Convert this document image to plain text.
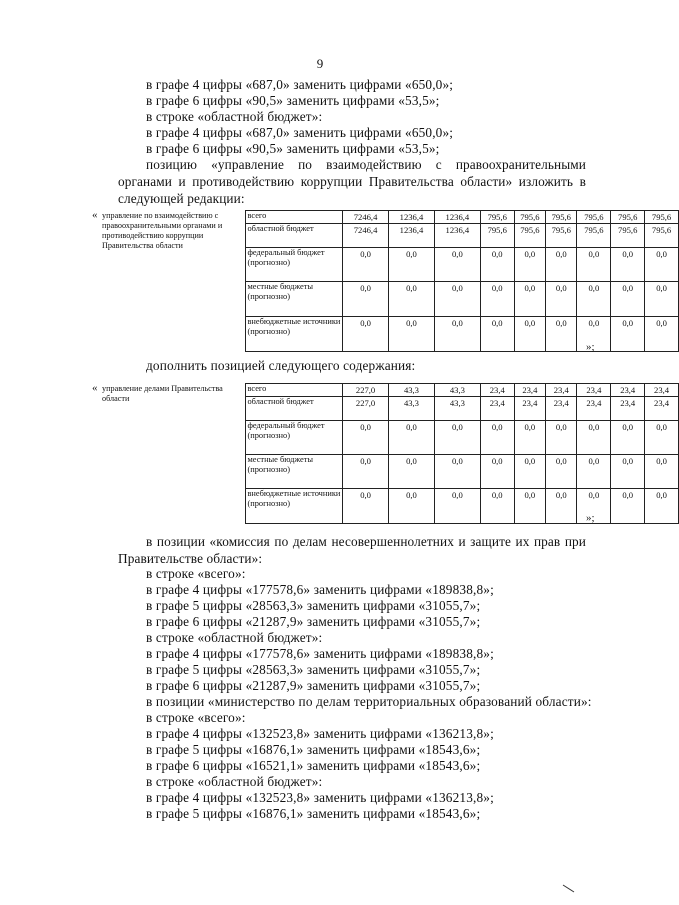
9
в графе 4 цифры «687,0» заменить цифрами «650,0»;
в графе 6 цифры «90,5» заменить цифрами «53,5»;
в строке «областной бюджет»:
в графе 4 цифры «687,0» заменить цифрами «650,0»;
в графе 6 цифры «90,5» заменить цифрами «53,5»;
позицию «управление по взаимодействию с правоохранительными органами и противодействию коррупции Правительства области» изложить в следующей редакции:
« управление по взаимодействию с правоохранительными органами и противодействию коррупции Правительства области	всего	7246,4	1236,4	1236,4	795,6	795,6	795,6	795,6	795,6	795,6
	областной бюджет	7246,4	1236,4	1236,4	795,6	795,6	795,6	795,6	795,6	795,6
	федеральный бюджет (прогнозно)	0,0	0,0	0,0	0,0	0,0	0,0	0,0	0,0	0,0
	местные бюджеты (прогнозно)	0,0	0,0	0,0	0,0	0,0	0,0	0,0	0,0	0,0
	внебюджетные источники (прогнозно)	0,0	0,0	0,0	0,0	0,0	0,0	0,0	0,0	0,0
»;
дополнить позицией следующего содержания:
« управление делами Правительства области	всего	227,0	43,3	43,3	23,4	23,4	23,4	23,4	23,4	23,4
	областной бюджет	227,0	43,3	43,3	23,4	23,4	23,4	23,4	23,4	23,4
	федеральный бюджет (прогнозно)	0,0	0,0	0,0	0,0	0,0	0,0	0,0	0,0	0,0
	местные бюджеты (прогнозно)	0,0	0,0	0,0	0,0	0,0	0,0	0,0	0,0	0,0
	внебюджетные источники (прогнозно)	0,0	0,0	0,0	0,0	0,0	0,0	0,0	0,0	0,0
»;
в позиции «комиссия по делам несовершеннолетних и защите их прав при Правительстве области»:
в строке «всего»:
в графе 4 цифры «177578,6» заменить цифрами «189838,8»;
в графе 5 цифры «28563,3» заменить цифрами «31055,7»;
в графе 6 цифры «21287,9» заменить цифрами «31055,7»;
в строке «областной бюджет»:
в графе 4 цифры «177578,6» заменить цифрами «189838,8»;
в графе 5 цифры «28563,3» заменить цифрами «31055,7»;
в графе 6 цифры «21287,9» заменить цифрами «31055,7»;
в позиции «министерство по делам территориальных образований области»:
в строке «всего»:
в графе 4 цифры «132523,8» заменить цифрами «136213,8»;
в графе 5 цифры «16876,1» заменить цифрами «18543,6»;
в графе 6 цифры «16521,1» заменить цифрами «18543,6»;
в строке «областной бюджет»:
в графе 4 цифры «132523,8» заменить цифрами «136213,8»;
в графе 5 цифры «16876,1» заменить цифрами «18543,6»;
